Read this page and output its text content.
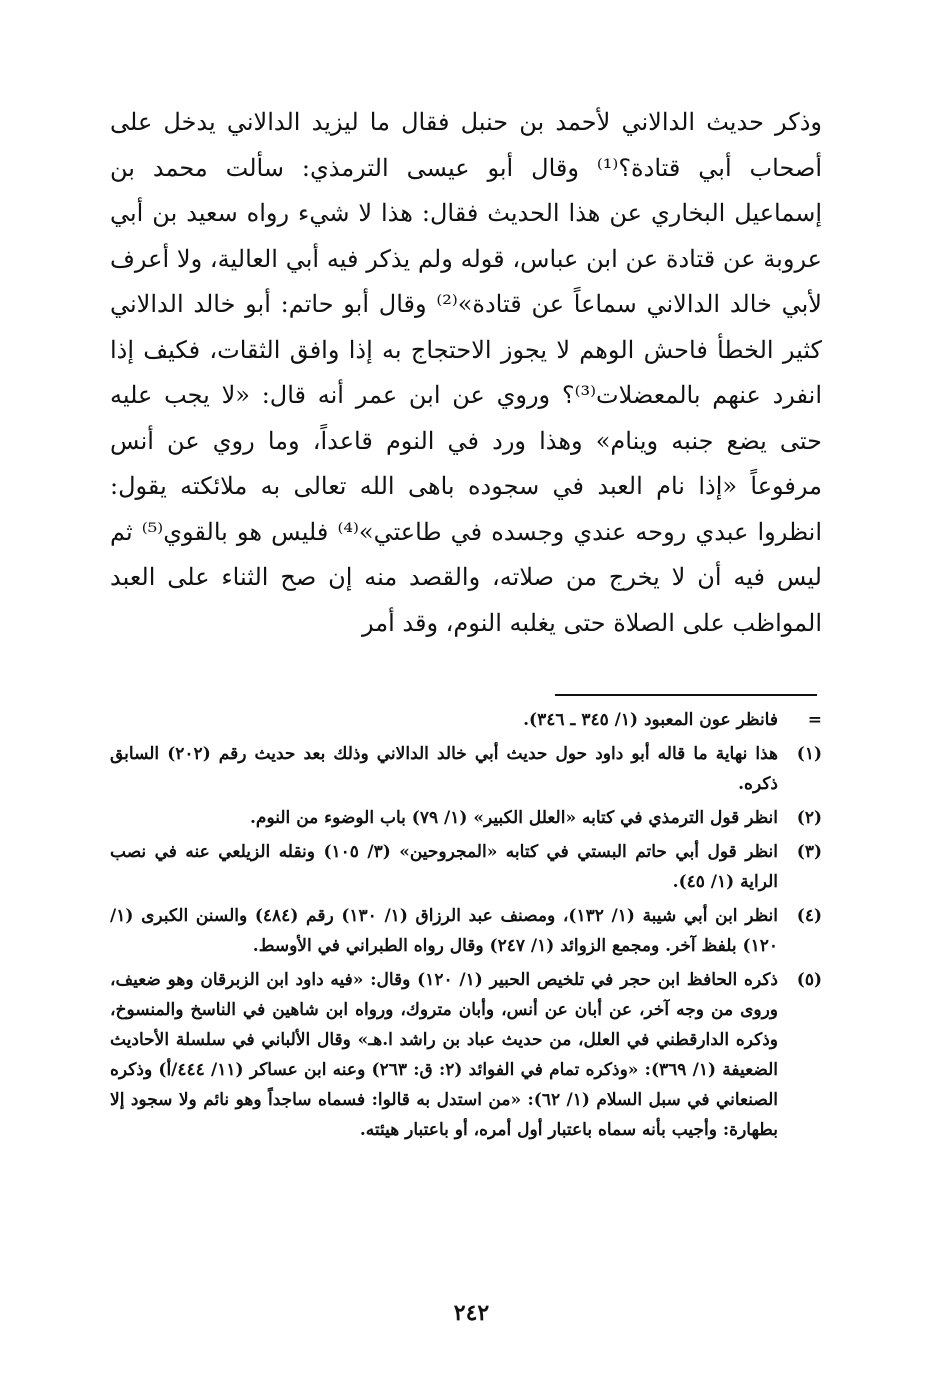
وذكر حديث الدالاني لأحمد بن حنبل فقال ما ليزيد الدالاني يدخل على أصحاب أبي قتادة؟⁽¹⁾ وقال أبو عيسى الترمذي: سألت محمد بن إسماعيل البخاري عن هذا الحديث فقال: هذا لا شيء رواه سعيد بن أبي عروبة عن قتادة عن ابن عباس، قوله ولم يذكر فيه أبي العالية، ولا أعرف لأبي خالد الدالاني سماعاً عن قتادة»⁽²⁾ وقال أبو حاتم: أبو خالد الدالاني كثير الخطأ فاحش الوهم لا يجوز الاحتجاج به إذا وافق الثقات، فكيف إذا انفرد عنهم بالمعضلات⁽³⁾؟ وروي عن ابن عمر أنه قال: «لا يجب عليه حتى يضع جنبه وينام» وهذا ورد في النوم قاعداً، وما روي عن أنس مرفوعاً «إذا نام العبد في سجوده باهى الله تعالى به ملائكته يقول: انظروا عبدي روحه عندي وجسده في طاعتي»⁽⁴⁾ فليس هو بالقوي⁽⁵⁾ ثم ليس فيه أن لا يخرج من صلاته، والقصد منه إن صح الثناء على العبد المواظب على الصلاة حتى يغلبه النوم، وقد أمر

=
فانظر عون المعبود (١/ ٣٤٥ ـ ٣٤٦).
(١)
هذا نهاية ما قاله أبو داود حول حديث أبي خالد الدالاني وذلك بعد حديث رقم (٢٠٢) السابق ذكره.
(٢)
انظر قول الترمذي في كتابه «العلل الكبير» (١/ ٧٩) باب الوضوء من النوم.
(٣)
انظر قول أبي حاتم البستي في كتابه «المجروحين» (٣/ ١٠٥) ونقله الزيلعي عنه في نصب الراية (١/ ٤٥).
(٤)
انظر ابن أبي شيبة (١/ ١٣٢)، ومصنف عبد الرزاق (١/ ١٣٠) رقم (٤٨٤) والسنن الكبرى (١/ ١٢٠) بلفظ آخر. ومجمع الزوائد (١/ ٢٤٧) وقال رواه الطبراني في الأوسط.
(٥)
ذكره الحافظ ابن حجر في تلخيص الحبير (١/ ١٢٠) وقال: «فيه داود ابن الزبرقان وهو ضعيف، وروى من وجه آخر، عن أبان عن أنس، وأبان متروك، ورواه ابن شاهين في الناسخ والمنسوخ، وذكره الدارقطني في العلل، من حديث عباد بن راشد ا.هـ» وقال الألباني في سلسلة الأحاديث الضعيفة (١/ ٣٦٩): «وذكره تمام في الفوائد (٢: ق: ٢٦٣) وعنه ابن عساكر (١١/ ٤٤٤/أ) وذكره الصنعاني في سبل السلام (١/ ٦٢): «من استدل به قالوا: فسماه ساجداً وهو نائم ولا سجود إلا بطهارة: وأجيب بأنه سماه باعتبار أول أمره، أو باعتبار هيئته.
٢٤٢
